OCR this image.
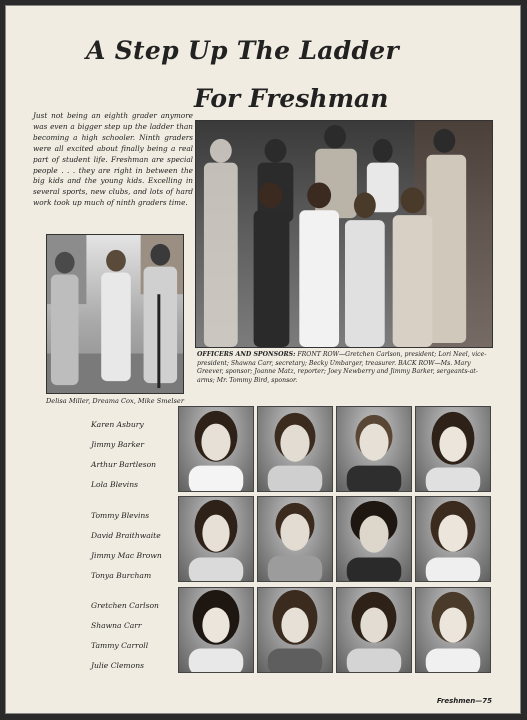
A Step Up The Ladder
For Freshman

Just not being an eighth grader anymore was even a bigger step up the ladder than becoming a high schooler. Ninth graders were all excited about finally being a real part of student life. Freshman are special people . . . they are right in between the big kids and the young kids. Excelling in several sports, new clubs, and lots of hard work took up much of ninth graders time.

OFFICERS AND SPONSORS: FRONT ROW—Gretchen Carlson, president; Lori Neel, vice-president; Shawna Carr, secretary; Becky Umbarger, treasurer. BACK ROW—Ms. Mary Greever, sponsor; Joanne Matz, reporter; Joey Newberry and Jimmy Barker, sergeants-at-arms; Mr. Tommy Bird, sponsor.

Delisa Miller, Dreama Cox, Mike Smelser

Karen Asbury
Jimmy Barker
Arthur Bartleson
Lola Blevins
Tommy Blevins
David Braithwaite
Jimmy Mac Brown
Tonya Burcham
Gretchen Carlson
Shawna Carr
Tammy Carroll
Julie Clemons

Freshmen—75
